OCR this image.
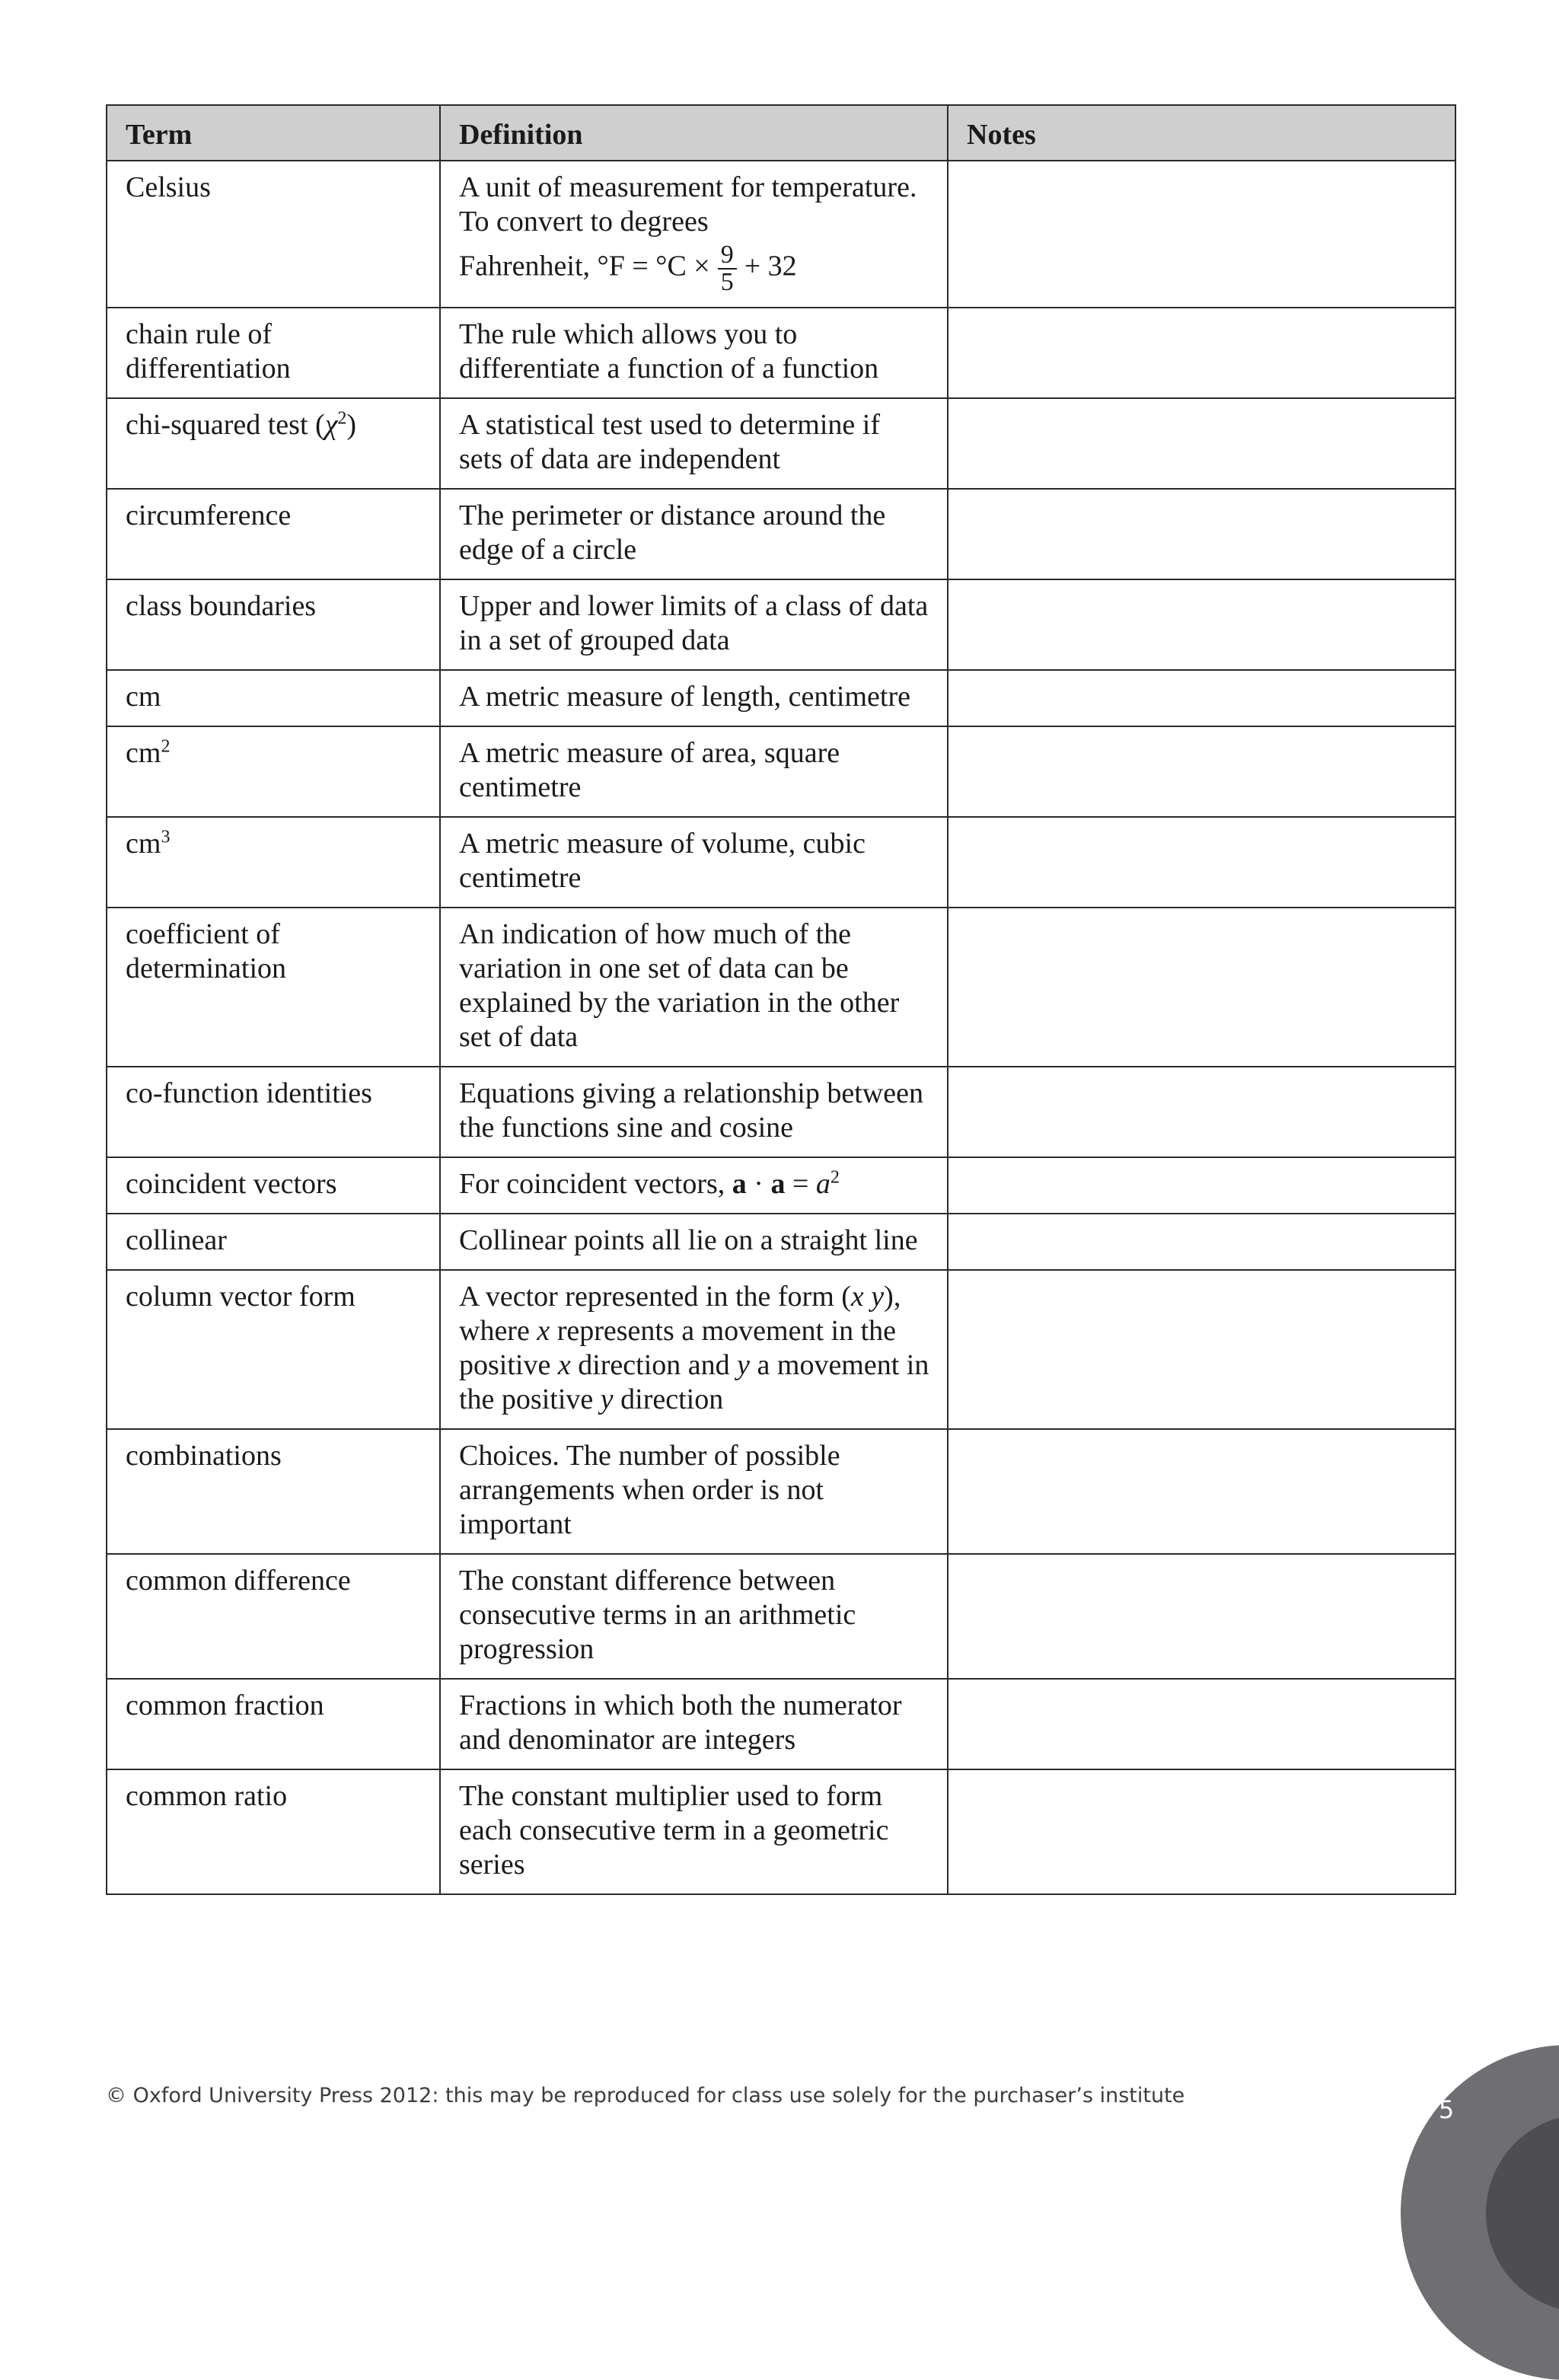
Term	Definition	Notes
Celsius	A unit of measurement for temperature. To convert to degrees
Fahrenheit, $^\circ F = ^\circ C \times \frac{9}{5} + 32$	
chain rule of differentiation	The rule which allows you to differentiate a function of a function	
chi-squared test $(\chi^2)$	A statistical test used to determine if sets of data are independent	
circumference	The perimeter or distance around the edge of a circle	
class boundaries	Upper and lower limits of a class of data in a set of grouped data	
cm	A metric measure of length, centimetre	
$cm^2$	A metric measure of area, square centimetre	
$cm^3$	A metric measure of volume, cubic centimetre	
coefficient of determination	An indication of how much of the variation in one set of data can be explained by the variation in the other set of data	
co-function identities	Equations giving a relationship between the functions sine and cosine	
coincident vectors	For coincident vectors, $a \cdot a = a^2$	
collinear	Collinear points all lie on a straight line	
column vector form	A vector represented in the form (x y), where x represents a movement in the positive x direction and y a movement in the positive y direction	
combinations	Choices. The number of possible arrangements when order is not important	
common difference	The constant difference between consecutive terms in an arithmetic progression	
common fraction	Fractions in which both the numerator and denominator are integers	
common ratio	The constant multiplier used to form each consecutive term in a geometric series	
© Oxford University Press 2012: this may be reproduced for class use solely for the purchaser’s institute	5
